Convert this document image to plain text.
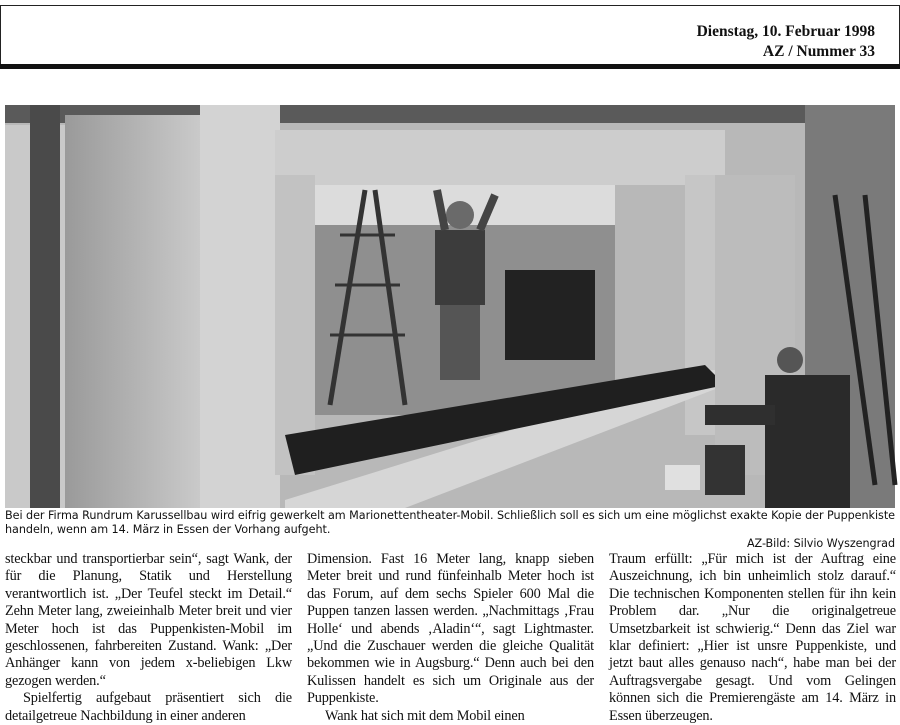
Dienstag, 10. Februar 1998
AZ / Nummer 33
Bei der Firma Rundrum Karussellbau wird eifrig gewerkelt am Marionettentheater-Mobil. Schließlich soll es sich um eine möglichst exakte Kopie der Puppenkiste handeln, wenn am 14. März in Essen der Vorhang aufgeht.
AZ-Bild: Silvio Wyszengrad

steckbar und transportierbar sein“, sagt Wank, der für die Planung, Statik und Herstellung verantwortlich ist. „Der Teufel steckt im Detail.“ Zehn Meter lang, zweieinhalb Meter breit und vier Meter hoch ist das Puppenkisten-Mobil im geschlossenen, fahrbereiten Zustand. Wank: „Der Anhänger kann von jedem x-beliebigen Lkw gezogen werden.“

Spielfertig aufgebaut präsentiert sich die detailgetreue Nachbildung in einer anderen

Dimension. Fast 16 Meter lang, knapp sieben Meter breit und rund fünfeinhalb Meter hoch ist das Forum, auf dem sechs Spieler 600 Mal die Puppen tanzen lassen werden. „Nachmittags ‚Frau Holle‘ und abends ‚Aladin‘“, sagt Lightmaster. „Und die Zuschauer werden die gleiche Qualität bekommen wie in Augsburg.“ Denn auch bei den Kulissen handelt es sich um Originale aus der Puppenkiste.

Wank hat sich mit dem Mobil einen

Traum erfüllt: „Für mich ist der Auftrag eine Auszeichnung, ich bin unheimlich stolz darauf.“ Die technischen Komponenten stellen für ihn kein Problem dar. „Nur die originalgetreue Umsetzbarkeit ist schwierig.“ Denn das Ziel war klar definiert: „Hier ist unsre Puppenkiste, und jetzt baut alles genauso nach“, habe man bei der Auftragsvergabe gesagt. Und vom Gelingen können sich die Premierengäste am 14. März in Essen überzeugen.
